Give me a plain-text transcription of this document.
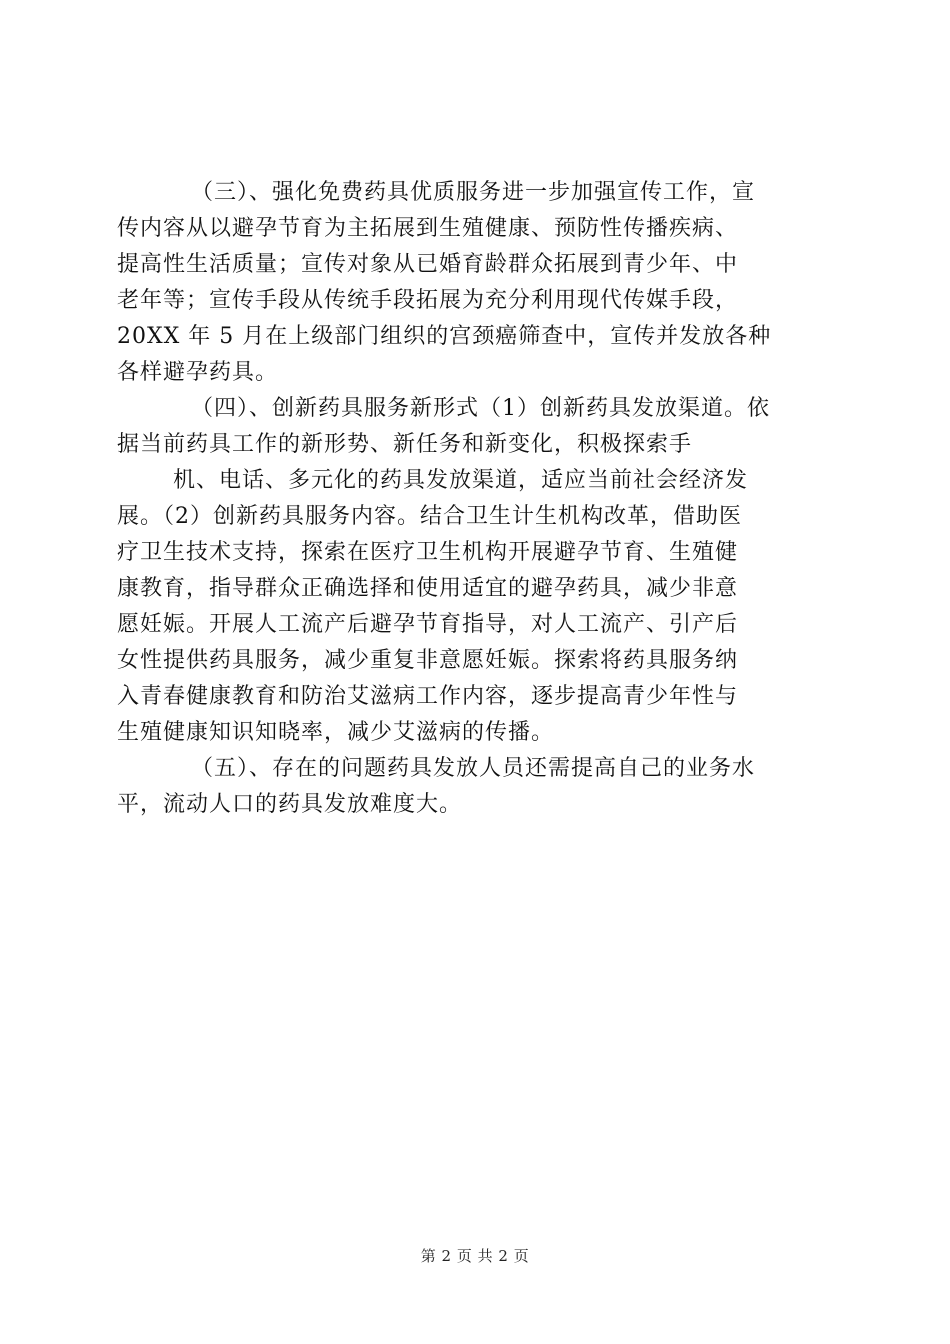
（三）、强化免费药具优质服务进一步加强宣传工作，宣
传内容从以避孕节育为主拓展到生殖健康、预防性传播疾病、
提高性生活质量；宣传对象从已婚育龄群众拓展到青少年、中
老年等；宣传手段从传统手段拓展为充分利用现代传媒手段，
20XX 年 5 月在上级部门组织的宫颈癌筛查中，宣传并发放各种
各样避孕药具。
（四）、创新药具服务新形式（1）创新药具发放渠道。依
据当前药具工作的新形势、新任务和新变化，积极探索手
机、电话、多元化的药具发放渠道，适应当前社会经济发
展。（2）创新药具服务内容。结合卫生计生机构改革，借助医
疗卫生技术支持，探索在医疗卫生机构开展避孕节育、生殖健
康教育，指导群众正确选择和使用适宜的避孕药具，减少非意
愿妊娠。开展人工流产后避孕节育指导，对人工流产、引产后
女性提供药具服务，减少重复非意愿妊娠。探索将药具服务纳
入青春健康教育和防治艾滋病工作内容，逐步提高青少年性与
生殖健康知识知晓率，减少艾滋病的传播。
（五）、存在的问题药具发放人员还需提高自己的业务水
平，流动人口的药具发放难度大。
第 2 页 共 2 页
